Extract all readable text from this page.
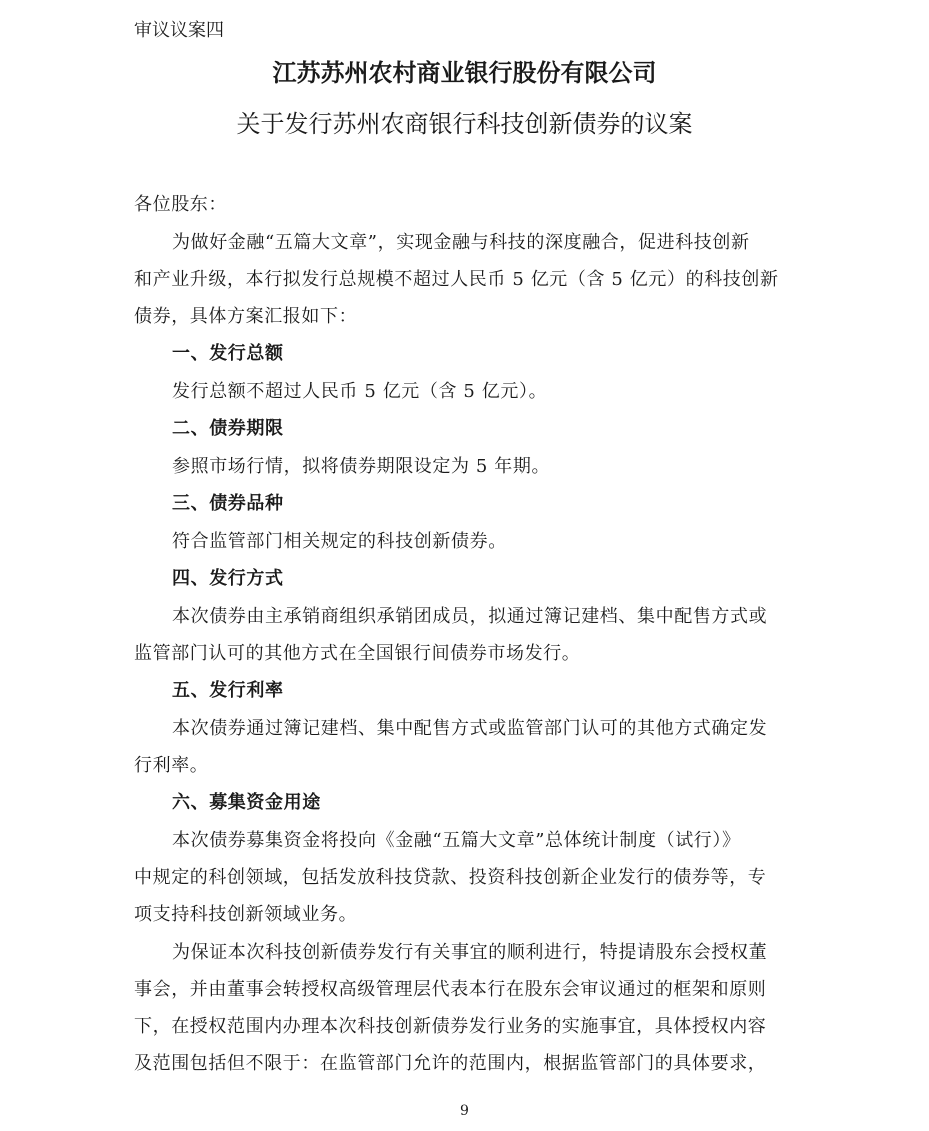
审议议案四
江苏苏州农村商业银行股份有限公司
关于发行苏州农商银行科技创新债券的议案
各位股东：
为做好金融“五篇大文章”，实现金融与科技的深度融合，促进科技创新
和产业升级，本行拟发行总规模不超过人民币 5 亿元（含 5 亿元）的科技创新
债券，具体方案汇报如下：
一、发行总额
发行总额不超过人民币 5 亿元（含 5 亿元）。
二、债券期限
参照市场行情，拟将债券期限设定为 5 年期。
三、债券品种
符合监管部门相关规定的科技创新债券。
四、发行方式
本次债券由主承销商组织承销团成员，拟通过簿记建档、集中配售方式或
监管部门认可的其他方式在全国银行间债券市场发行。
五、发行利率
本次债券通过簿记建档、集中配售方式或监管部门认可的其他方式确定发
行利率。
六、募集资金用途
本次债券募集资金将投向《金融“五篇大文章”总体统计制度（试行）》
中规定的科创领域，包括发放科技贷款、投资科技创新企业发行的债券等，专
项支持科技创新领域业务。
为保证本次科技创新债券发行有关事宜的顺利进行，特提请股东会授权董
事会，并由董事会转授权高级管理层代表本行在股东会审议通过的框架和原则
下，在授权范围内办理本次科技创新债券发行业务的实施事宜，具体授权内容
及范围包括但不限于：在监管部门允许的范围内，根据监管部门的具体要求，
9
